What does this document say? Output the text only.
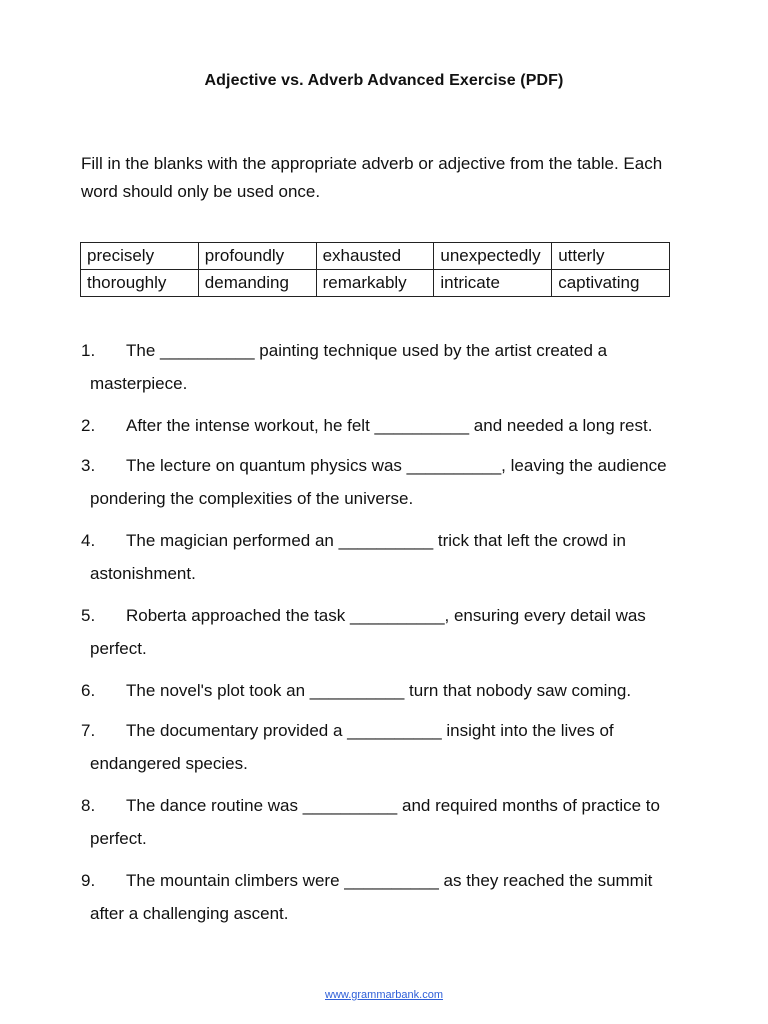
Adjective vs. Adverb Advanced Exercise (PDF)
Fill in the blanks with the appropriate adverb or adjective from the table. Each word should only be used once.
precisely	profoundly	exhausted	unexpectedly	utterly
thoroughly	demanding	remarkably	intricate	captivating
1.	The __________ painting technique used by the artist created a
masterpiece.
2.	After the intense workout, he felt __________ and needed a long rest.
3.	The lecture on quantum physics was __________, leaving the audience
pondering the complexities of the universe.
4.	The magician performed an __________ trick that left the crowd in
astonishment.
5.	Roberta approached the task __________, ensuring every detail was
perfect.
6.	The novel's plot took an __________ turn that nobody saw coming.
7.	The documentary provided a __________ insight into the lives of
endangered species.
8.	The dance routine was __________ and required months of practice to
perfect.
9.	The mountain climbers were __________ as they reached the summit
after a challenging ascent.
www.grammarbank.com
